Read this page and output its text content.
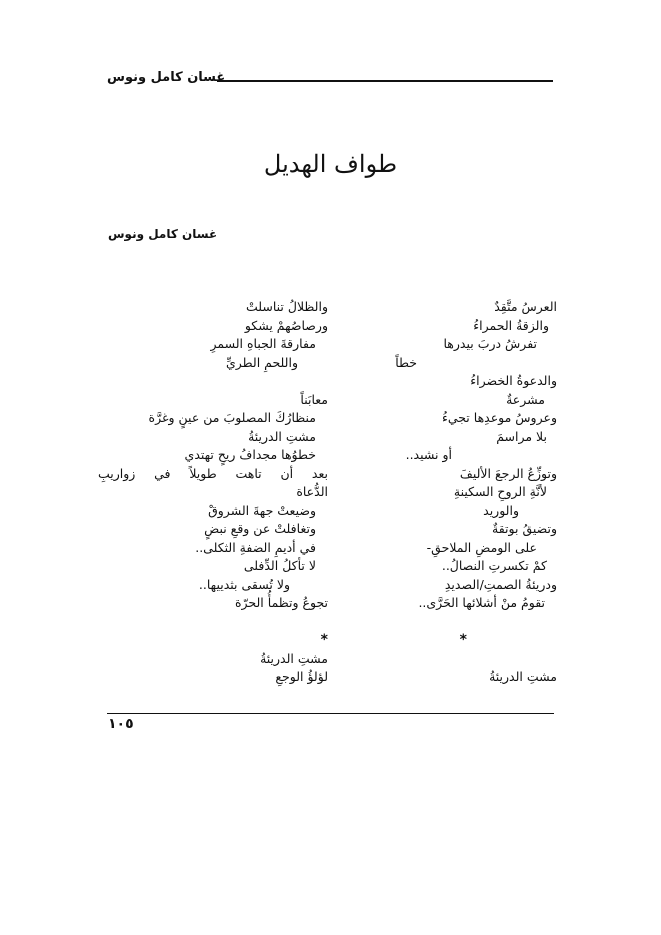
غسان كامل ونوس
طواف الهديل
غسان كامل ونوس
العرسُ متَّقِدٌ
والزقةُ الحمراءُ
تفرشُ دربَ بيدرها
خطاً
والدعوةُ الخضراءُ
مشرعةٌ
وعروسُ موعدِها تجيءُ
بلا مراسمَ
أو نشيد..
وتوزِّعُ الرجعَ الأليفَ
لأنَّةِ الروحِ السكينةِ
والوريد
وتضيقُ بوتقةٌ
على الومضِ الملاحقِ-
كمْ تكسرتِ النصالُ..
ودريئةُ الصمتِ/الصديدِ
تقومُ منْ أشلائها الحَرَّى..
*
مشتِ الدريئةُ
والظلالُ تناسلتْ
ورصاصُهمْ يشكو
مفارقةَ الجباهِ السمرِ
واللحمِ الطريِّ
معابَناً
منظارُكَ المصلوبَ من عينٍ وغرَّة
مشتِ الدريئةُ
خطوُها مجدافُ ريحٍ تهتدي
بعد أن تاهت طويلاً في زواريبِ
الدُّعاة
وضيعتْ جهةَ الشروقْ
وتغافلتْ عن وقعِ نبضٍ
في أديمِ الضفةِ الثكلى..
لا تأكلُ الدِّفلى
ولا تُسقى بثدييها..
تجوعُ وتظمأُ الحرّة
*
مشتِ الدريئةُ
لؤلؤُ الوجعِ
١٠٥
